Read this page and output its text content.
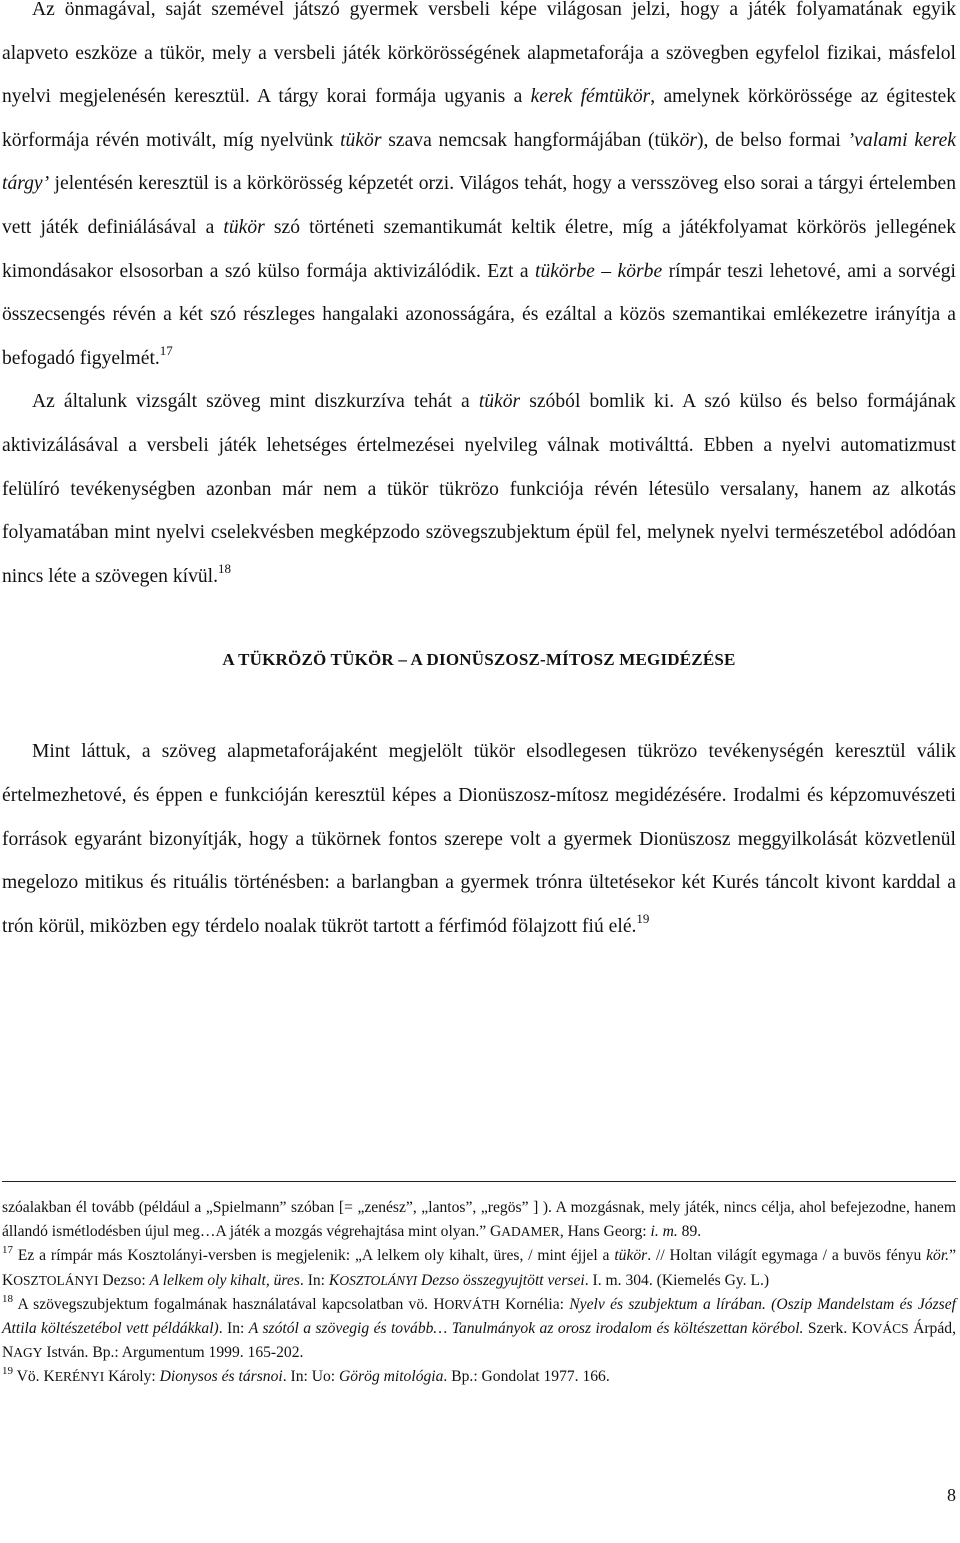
Az önmagával, saját szemével játszó gyermek versbeli képe világosan jelzi, hogy a játék folyamatának egyik alapveto eszköze a tükör, mely a versbeli játék körkörösségének alapmetaforája a szövegben egyfelol fizikai, másfelol nyelvi megjelenésén keresztül. A tárgy korai formája ugyanis a kerek fémtükör, amelynek körkörössége az égitestek körformája révén motivált, míg nyelvünk tükör szava nemcsak hangformájában (tükör), de belso formai ’valami kerek tárgy’ jelentésén keresztül is a körkörösség képzetét orzi. Világos tehát, hogy a versszöveg elso sorai a tárgyi értelemben vett játék definiálásával a tükör szó történeti szemantikumát keltik életre, míg a játékfolyamat körkörös jellegének kimondásakor elsosorban a szó külso formája aktivizálódik. Ezt a tükörbe – körbe rímpár teszi lehetové, ami a sorvégi összecsengés révén a két szó részleges hangalaki azonosságára, és ezáltal a közös szemantikai emlékezetre irányítja a befogadó figyelmét.$^{17}$

Az általunk vizsgált szöveg mint diszkurzíva tehát a tükör szóból bomlik ki. A szó külso és belso formájának aktivizálásával a versbeli játék lehetséges értelmezései nyelvileg válnak motiválttá. Ebben a nyelvi automatizmust felülíró tevékenységben azonban már nem a tükör tükrözo funkciója révén létesülo versalany, hanem az alkotás folyamatában mint nyelvi cselekvésben megképzodo szövegszubjektum épül fel, melynek nyelvi természetébol adódóan nincs léte a szövegen kívül.$^{18}$

A TÜKRÖZÖ TÜKÖR – A DIONÜSZOSZ-MÍTOSZ MEGIDÉZÉSE

Mint láttuk, a szöveg alapmetaforájaként megjelölt tükör elsodlegesen tükrözo tevékenységén keresztül válik értelmezhetové, és éppen e funkcióján keresztül képes a Dionüszosz-mítosz megidézésére. Irodalmi és képzomuvészeti források egyaránt bizonyítják, hogy a tükörnek fontos szerepe volt a gyermek Dionüszosz meggyilkolását közvetlenül megelozo mitikus és rituális történésben: a barlangban a gyermek trónra ültetésekor két Kurés táncolt kivont karddal a trón körül, miközben egy térdelo noalak tükröt tartott a férfimód fölajzott fiú elé.$^{19}$

szóalakban él tovább (például a „Spielmann” szóban [= „zenész”, „lantos”, „regös” ] ). A mozgásnak, mely játék, nincs célja, ahol befejezodne, hanem állandó ismétlodésben újul meg…A játék a mozgás végrehajtása mint olyan.” GADAMER, Hans Georg: i. m. 89.

$^{17}$ Ez a rímpár más Kosztolányi-versben is megjelenik: „A lelkem oly kihalt, üres, / mint éjjel a tükör. // Holtan világít egymaga / a buvös fényu kör.” KOSZTOLÁNYI Dezso: A lelkem oly kihalt, üres. In: KOSZTOLÁNYI Dezso összegyujtött versei. I. m. 304. (Kiemelés Gy. L.)

$^{18}$ A szövegszubjektum fogalmának használatával kapcsolatban vö. HORVÁTH Kornélia: Nyelv és szubjektum a lírában. (Oszip Mandelstam és József Attila költészetébol vett példákkal). In: A szótól a szövegig és tovább… Tanulmányok az orosz irodalom és költészettan körébol. Szerk. KOVÁCS Árpád, NAGY István. Bp.: Argumentum 1999. 165-202.

$^{19}$ Vö. KERÉNYI Károly: Dionysos és társnoi. In: Uo: Görög mitológia. Bp.: Gondolat 1977. 166.

8
